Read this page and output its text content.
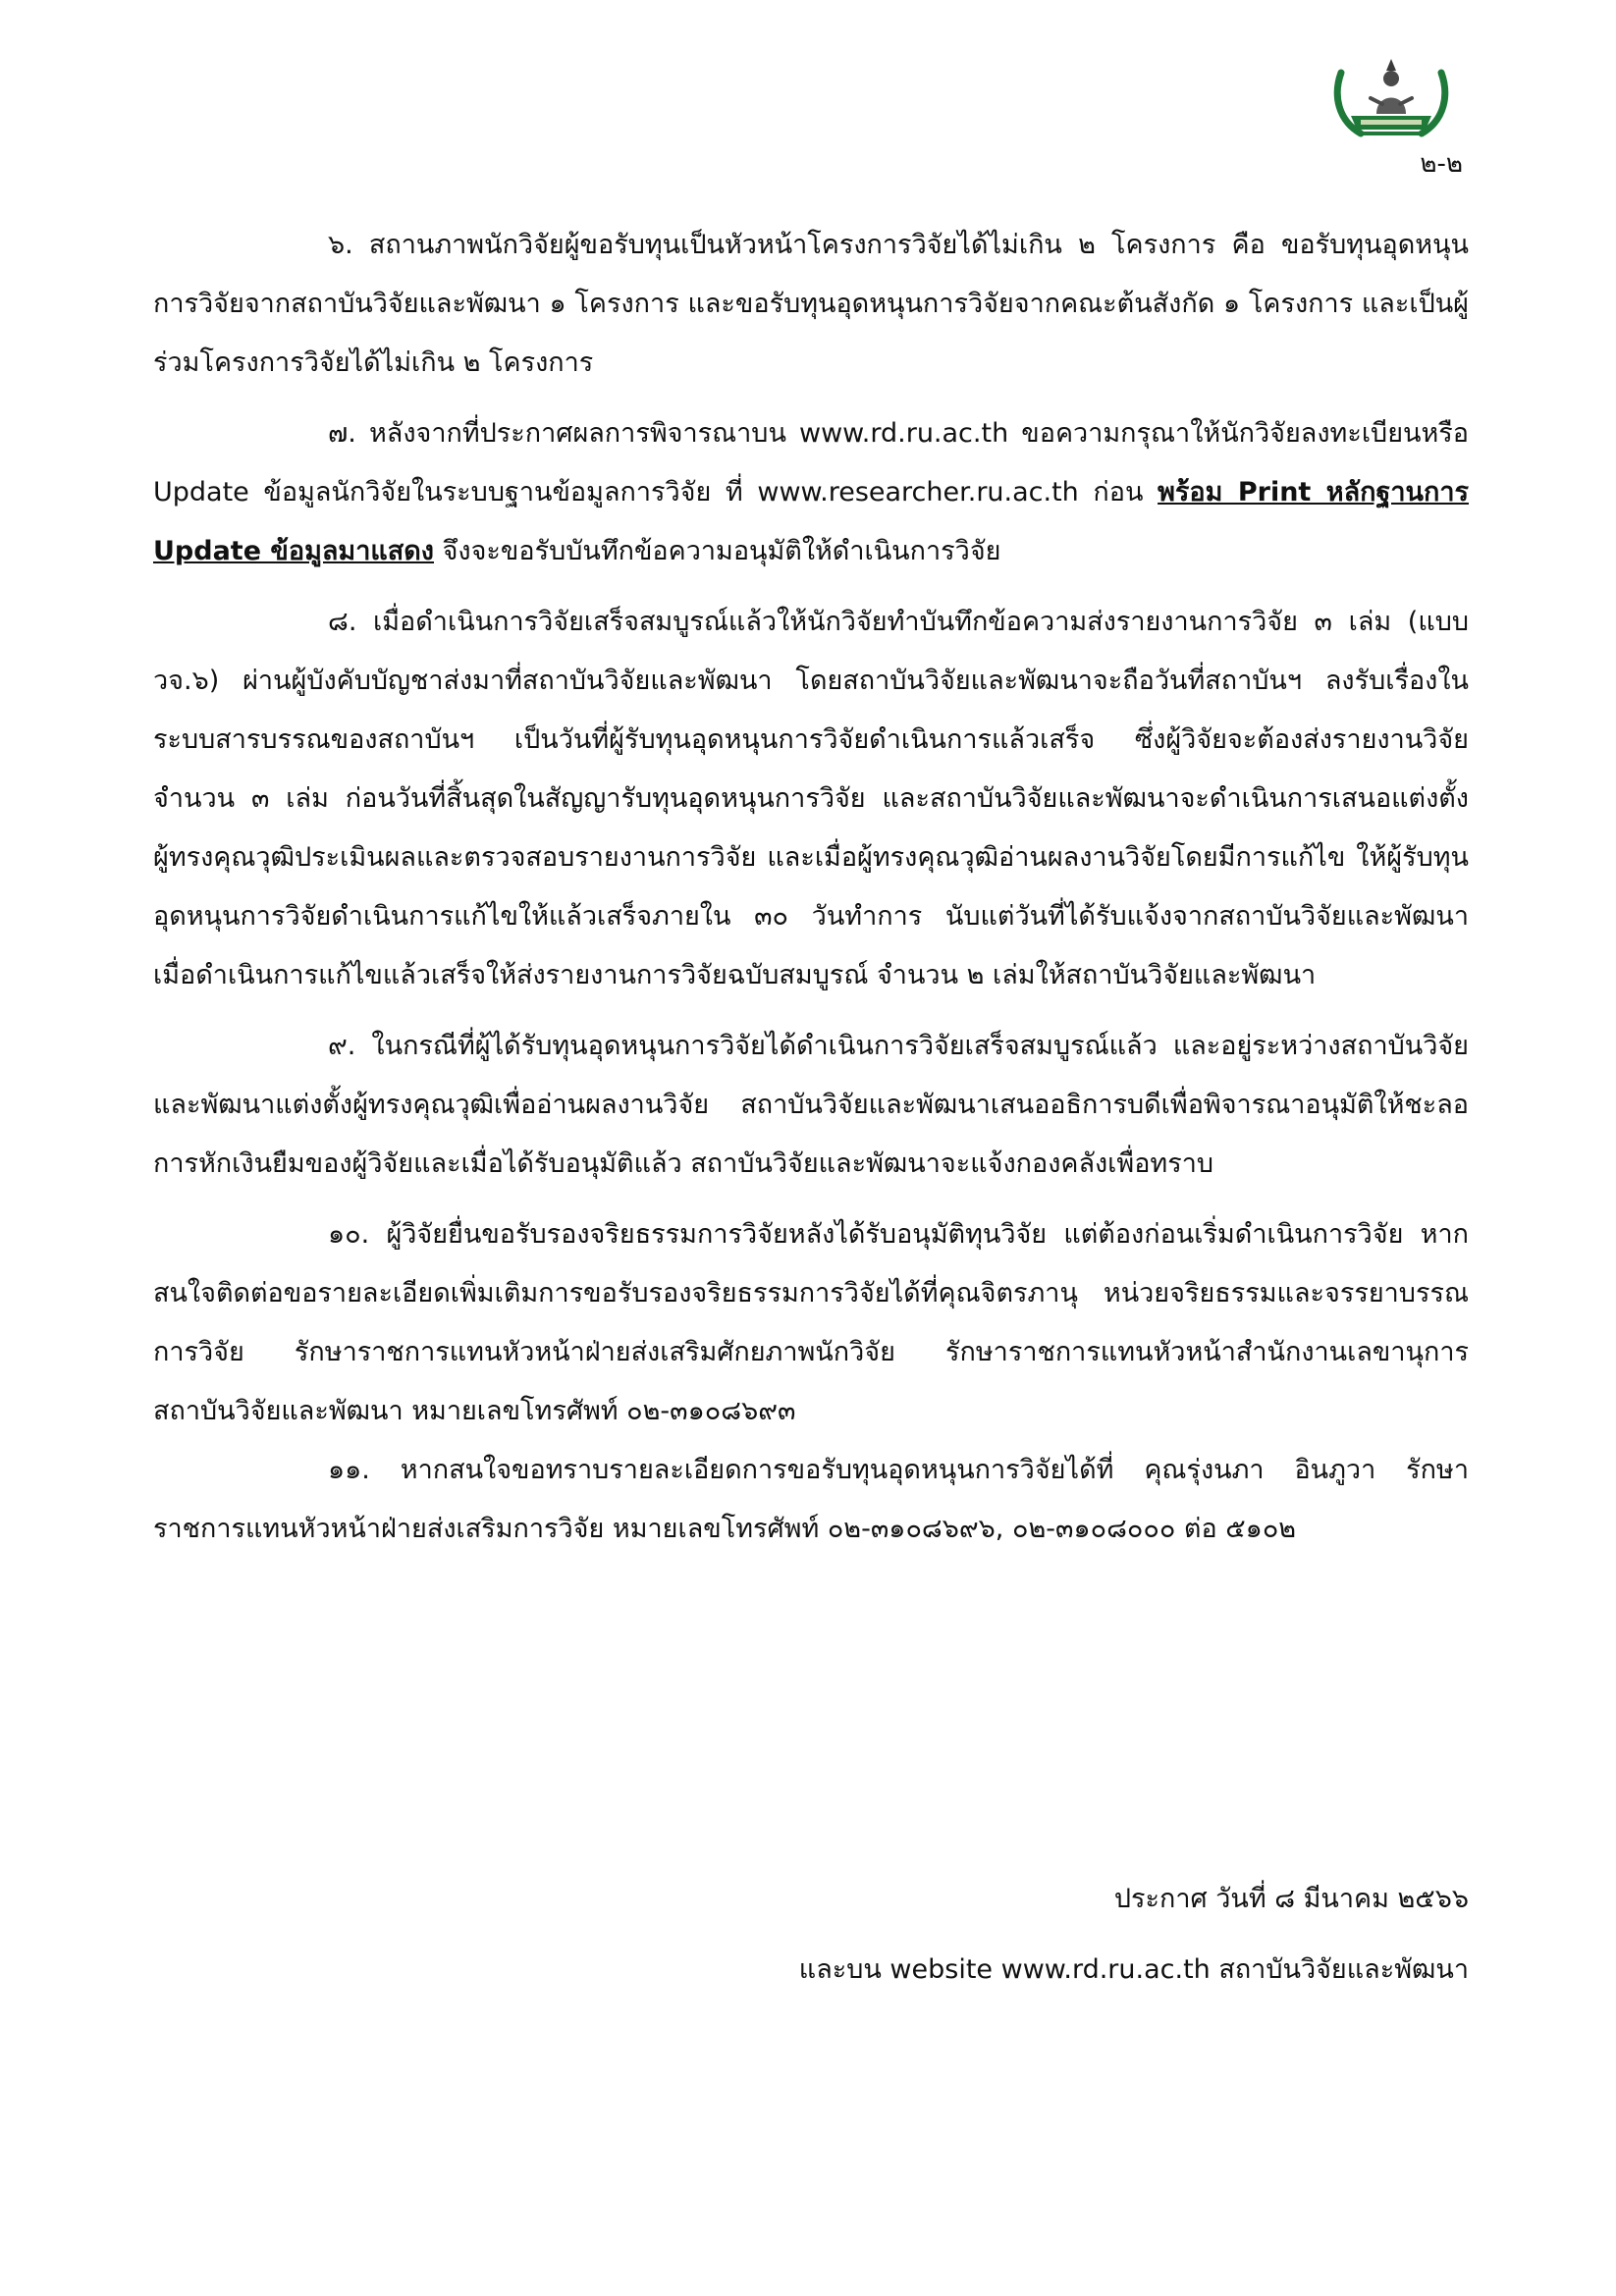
๒-๒

๖. สถานภาพนักวิจัยผู้ขอรับทุนเป็นหัวหน้าโครงการวิจัยได้ไม่เกิน ๒ โครงการ คือ ขอรับทุนอุดหนุนการวิจัยจากสถาบันวิจัยและพัฒนา ๑ โครงการ และขอรับทุนอุดหนุนการวิจัยจากคณะต้นสังกัด ๑ โครงการ และเป็นผู้ร่วมโครงการวิจัยได้ไม่เกิน ๒ โครงการ

๗. หลังจากที่ประกาศผลการพิจารณาบน www.rd.ru.ac.th ขอความกรุณาให้นักวิจัยลงทะเบียนหรือ Update ข้อมูลนักวิจัยในระบบฐานข้อมูลการวิจัย ที่ www.researcher.ru.ac.th ก่อน พร้อม Print หลักฐานการ Update ข้อมูลมาแสดง จึงจะขอรับบันทึกข้อความอนุมัติให้ดำเนินการวิจัย

๘. เมื่อดำเนินการวิจัยเสร็จสมบูรณ์แล้วให้นักวิจัยทำบันทึกข้อความส่งรายงานการวิจัย ๓ เล่ม (แบบ วจ.๖) ผ่านผู้บังคับบัญชาส่งมาที่สถาบันวิจัยและพัฒนา โดยสถาบันวิจัยและพัฒนาจะถือวันที่สถาบันฯ ลงรับเรื่องในระบบสารบรรณของสถาบันฯ เป็นวันที่ผู้รับทุนอุดหนุนการวิจัยดำเนินการแล้วเสร็จ ซึ่งผู้วิจัยจะต้องส่งรายงานวิจัย จำนวน ๓ เล่ม ก่อนวันที่สิ้นสุดในสัญญารับทุนอุดหนุนการวิจัย และสถาบันวิจัยและพัฒนาจะดำเนินการเสนอแต่งตั้งผู้ทรงคุณวุฒิประเมินผลและตรวจสอบรายงานการวิจัย และเมื่อผู้ทรงคุณวุฒิอ่านผลงานวิจัยโดยมีการแก้ไข ให้ผู้รับทุนอุดหนุนการวิจัยดำเนินการแก้ไขให้แล้วเสร็จภายใน ๓๐ วันทำการ นับแต่วันที่ได้รับแจ้งจากสถาบันวิจัยและพัฒนา เมื่อดำเนินการแก้ไขแล้วเสร็จให้ส่งรายงานการวิจัยฉบับสมบูรณ์ จำนวน ๒ เล่มให้สถาบันวิจัยและพัฒนา

๙. ในกรณีที่ผู้ได้รับทุนอุดหนุนการวิจัยได้ดำเนินการวิจัยเสร็จสมบูรณ์แล้ว และอยู่ระหว่างสถาบันวิจัยและพัฒนาแต่งตั้งผู้ทรงคุณวุฒิเพื่ออ่านผลงานวิจัย สถาบันวิจัยและพัฒนาเสนออธิการบดีเพื่อพิจารณาอนุมัติให้ชะลอการหักเงินยืมของผู้วิจัยและเมื่อได้รับอนุมัติแล้ว สถาบันวิจัยและพัฒนาจะแจ้งกองคลังเพื่อทราบ

๑๐. ผู้วิจัยยื่นขอรับรองจริยธรรมการวิจัยหลังได้รับอนุมัติทุนวิจัย แต่ต้องก่อนเริ่มดำเนินการวิจัย หากสนใจติดต่อขอรายละเอียดเพิ่มเติมการขอรับรองจริยธรรมการวิจัยได้ที่คุณจิตรภานุ หน่วยจริยธรรมและจรรยาบรรณการวิจัย รักษาราชการแทนหัวหน้าฝ่ายส่งเสริมศักยภาพนักวิจัย รักษาราชการแทนหัวหน้าสำนักงานเลขานุการสถาบันวิจัยและพัฒนา หมายเลขโทรศัพท์ ๐๒-๓๑๐๘๖๙๓

๑๑. หากสนใจขอทราบรายละเอียดการขอรับทุนอุดหนุนการวิจัยได้ที่ คุณรุ่งนภา อินภูวา รักษาราชการแทนหัวหน้าฝ่ายส่งเสริมการวิจัย หมายเลขโทรศัพท์ ๐๒-๓๑๐๘๖๙๖, ๐๒-๓๑๐๘๐๐๐ ต่อ ๕๑๐๒

ประกาศ วันที่ ๘ มีนาคม ๒๕๖๖
และบน website www.rd.ru.ac.th สถาบันวิจัยและพัฒนา
